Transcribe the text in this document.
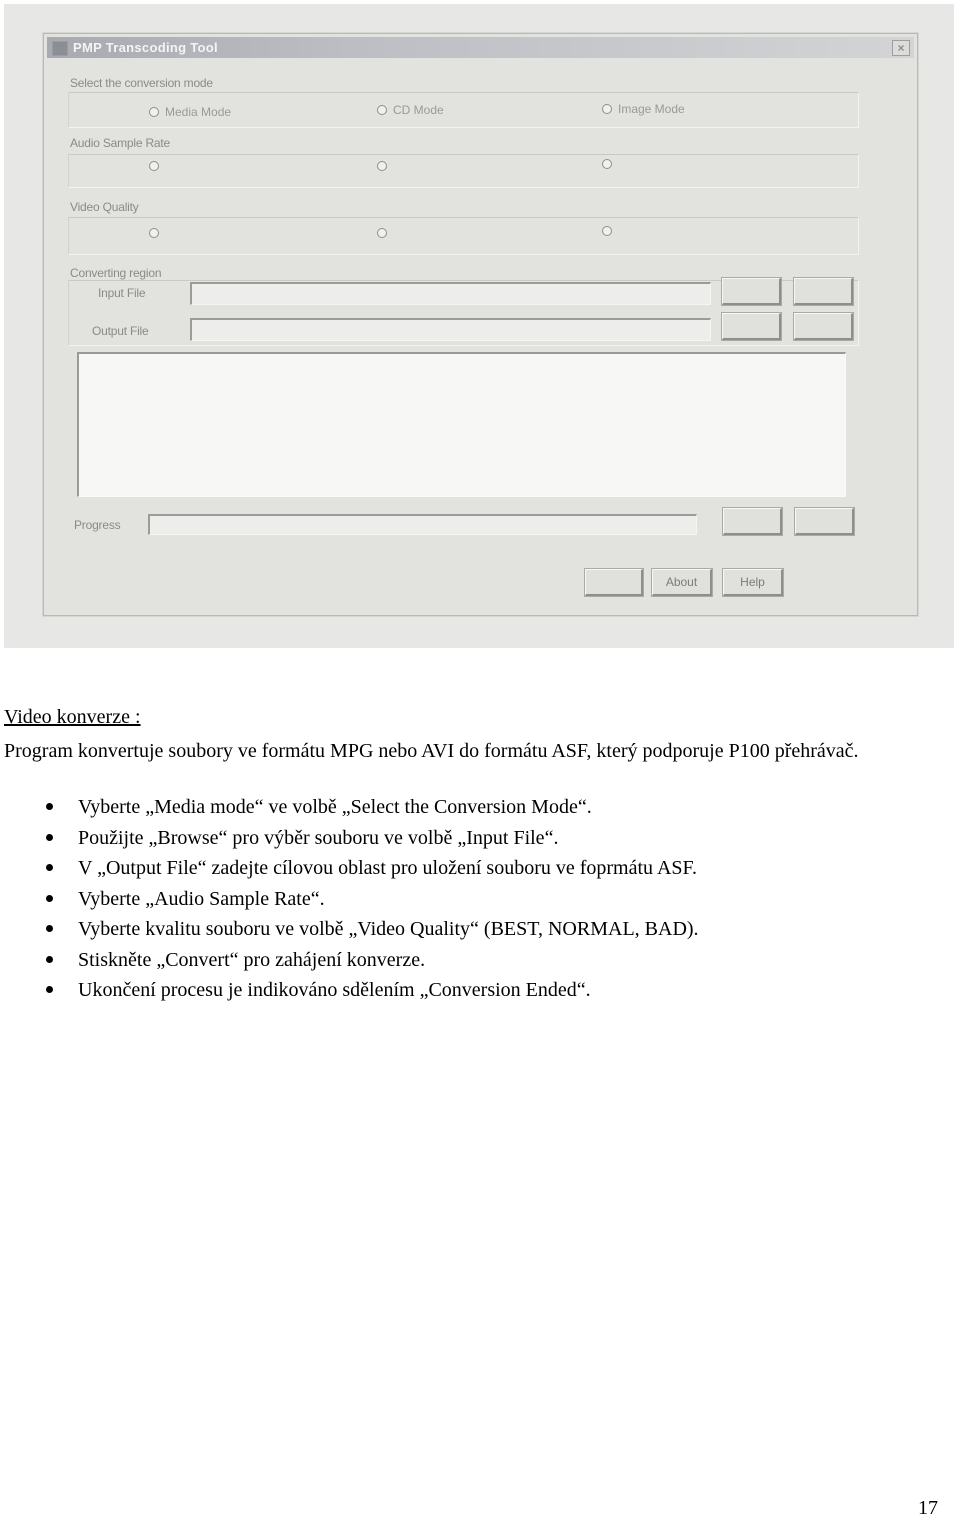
PMP Transcoding Tool	×
Select the conversion mode
Media Mode	CD Mode	Image Mode
Audio Sample Rate
Video Quality
Converting region
Input File
Output File
Progress
About	Help
Video konverze :
Program konvertuje soubory ve formátu MPG nebo AVI do formátu ASF, který podporuje P100 přehrávač.
Vyberte „Media mode“ ve volbě „Select the Conversion Mode“.
Použijte „Browse“ pro výběr souboru ve volbě „Input File“.
V „Output File“ zadejte cílovou oblast pro uložení souboru ve foprmátu ASF.
Vyberte „Audio Sample Rate“.
Vyberte kvalitu souboru ve volbě „Video Quality“ (BEST, NORMAL, BAD).
Stiskněte „Convert“ pro zahájení konverze.
Ukončení procesu je indikováno sdělením „Conversion Ended“.
17
